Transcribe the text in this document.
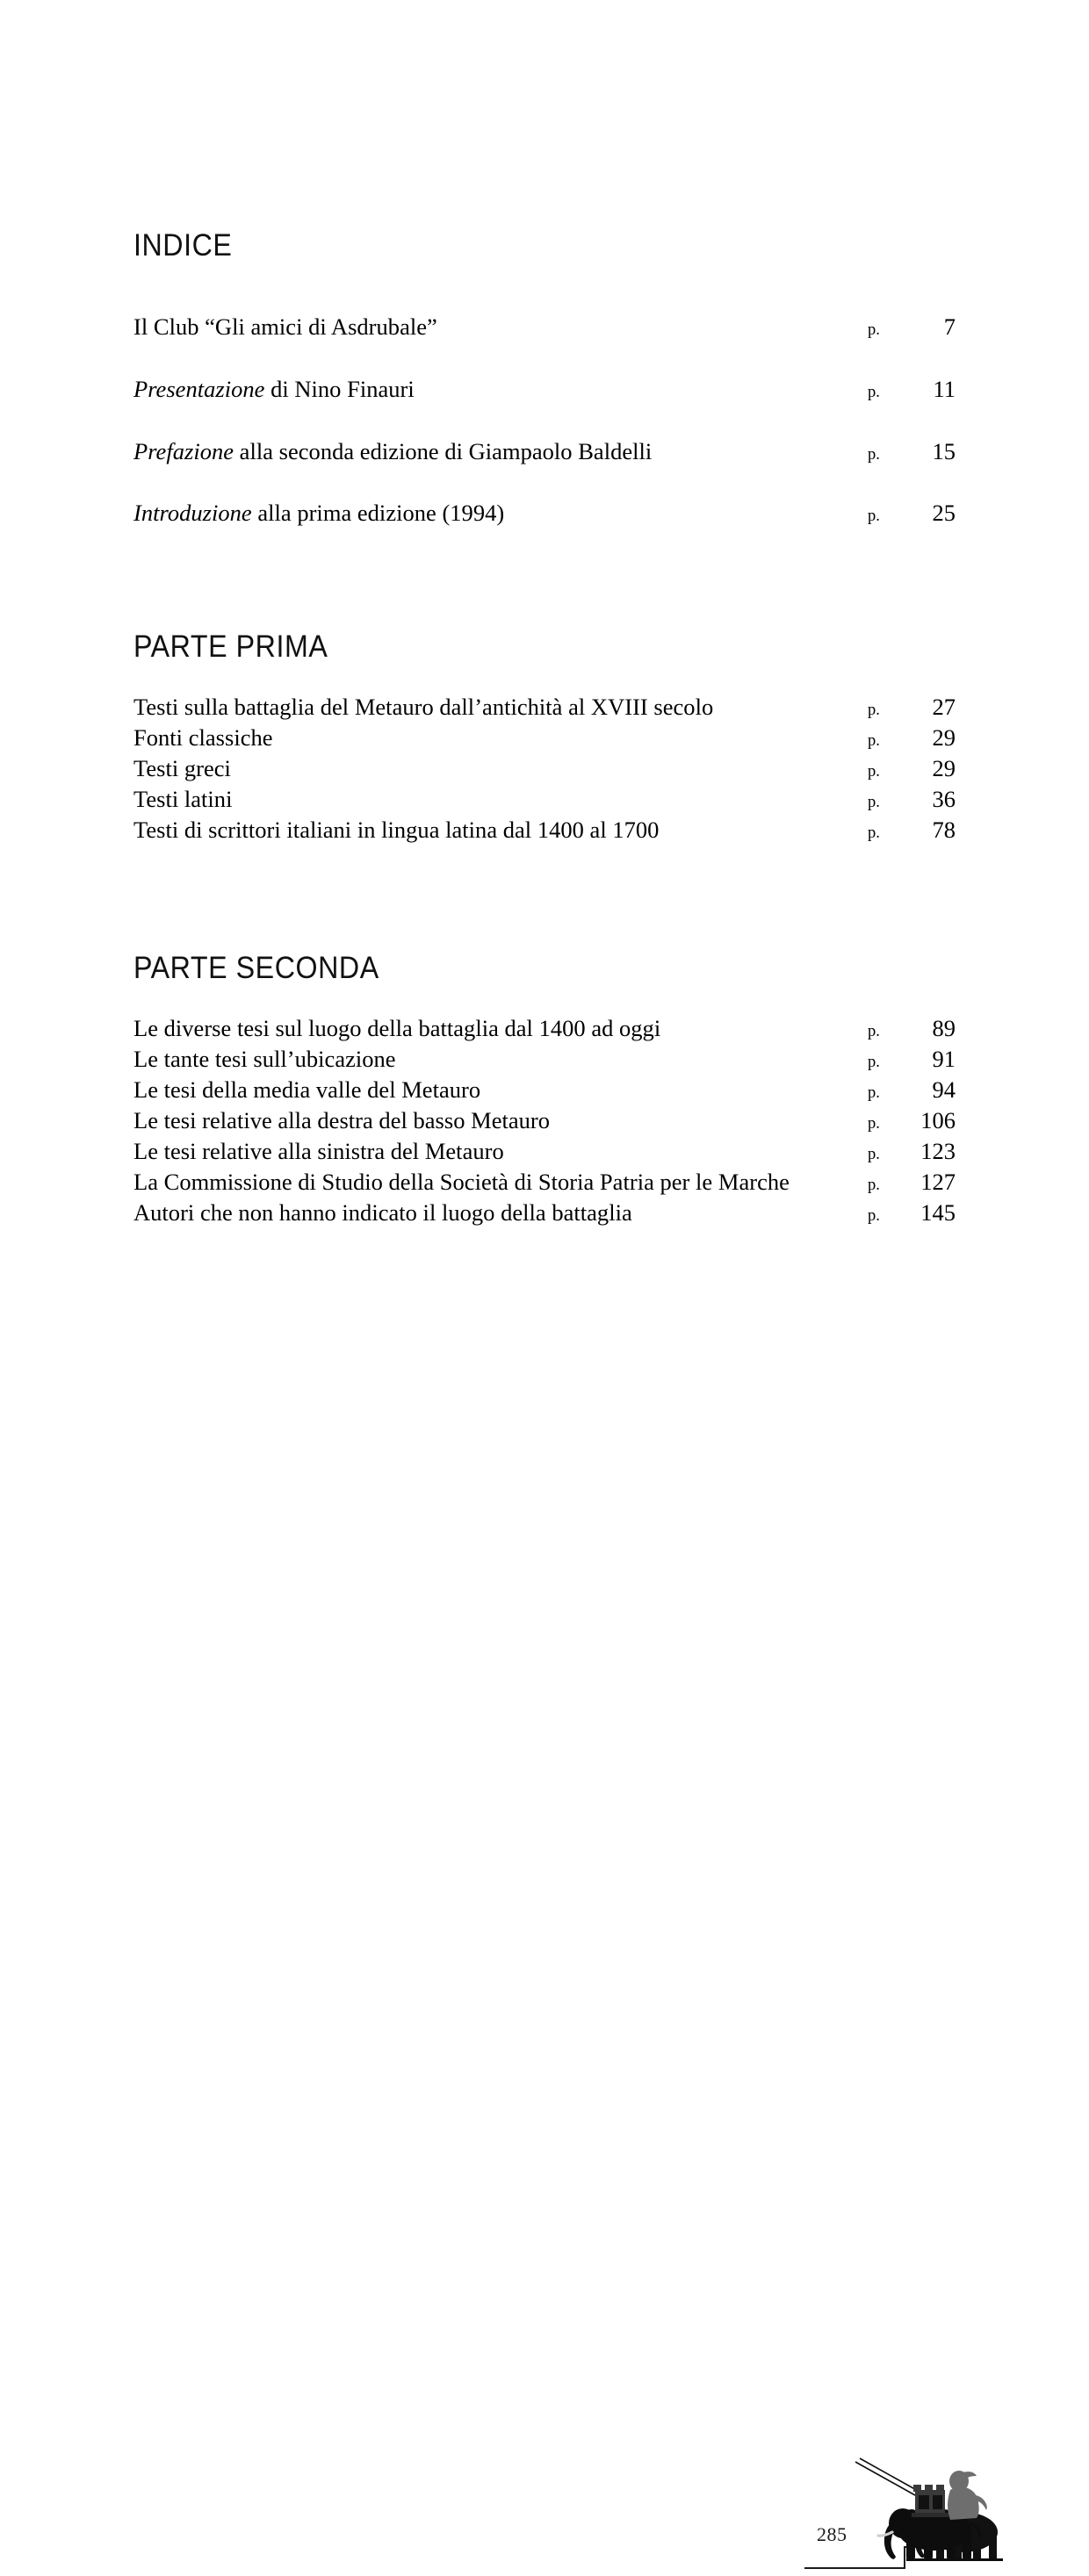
INDICE
Il Club “Gli amici di Asdrubale”	p.	7
Presentazione di Nino Finauri	p.	11
Prefazione alla seconda edizione di Giampaolo Baldelli	p.	15
Introduzione alla prima edizione (1994)	p.	25
PARTE PRIMA
Testi sulla battaglia del Metauro dall’antichità al XVIII secolo	p.	27
Fonti classiche	p.	29
Testi greci	p.	29
Testi latini	p.	36
Testi di scrittori italiani in lingua latina dal 1400 al 1700	p.	78
PARTE SECONDA
Le diverse tesi sul luogo della battaglia dal 1400 ad oggi	p.	89
Le tante tesi sull’ubicazione	p.	91
Le tesi della media valle del Metauro	p.	94
Le tesi relative alla destra del basso Metauro	p.	106
Le tesi relative alla sinistra del Metauro	p.	123
La Commissione di Studio della Società di Storia Patria per le Marche	p.	127
Autori che non hanno indicato il luogo della battaglia	p.	145
285
